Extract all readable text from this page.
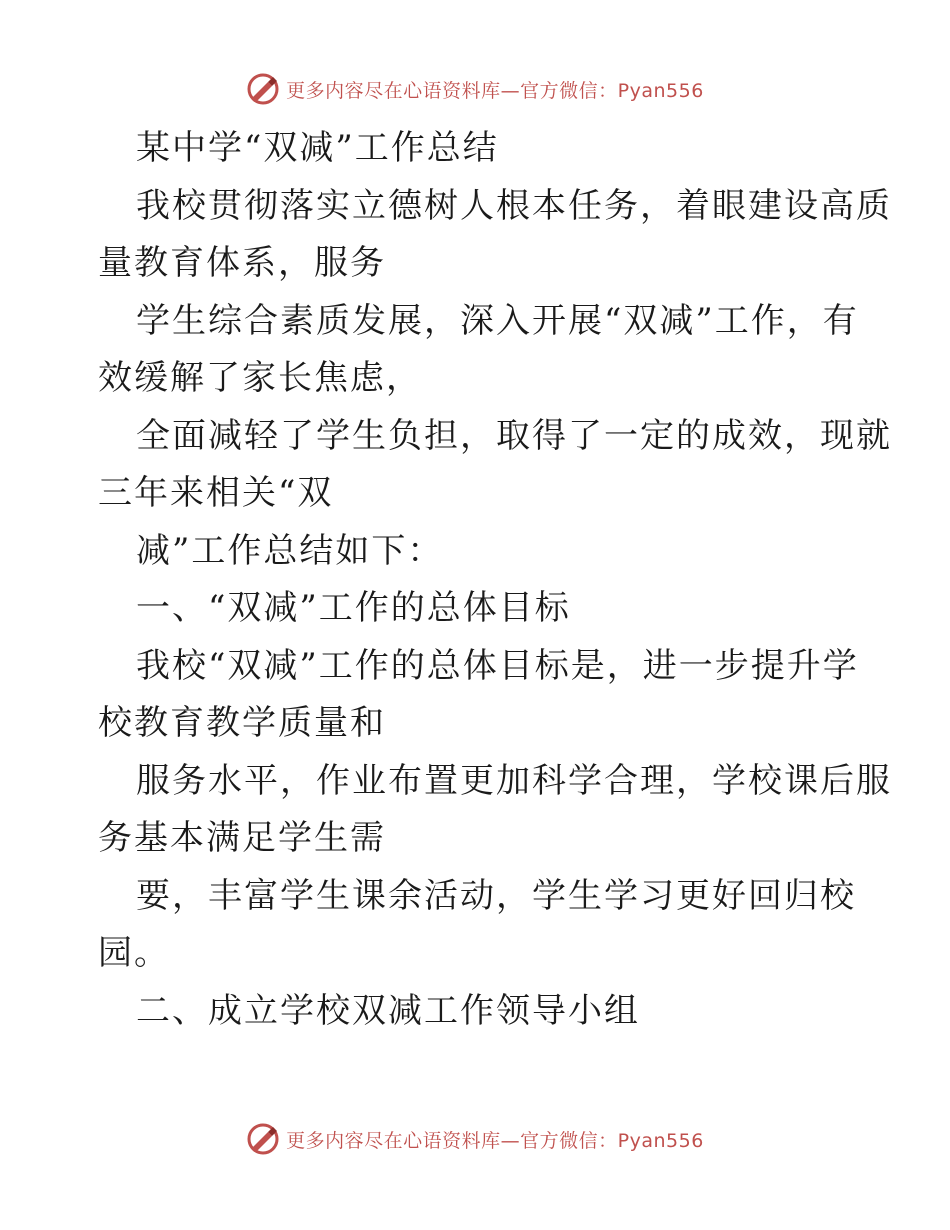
更多内容尽在心语资料库—官方微信：Pyan556
某中学“双减”工作总结
我校贯彻落实立德树人根本任务，着眼建设高质
量教育体系，服务
学生综合素质发展，深入开展“双减”工作，有
效缓解了家长焦虑，
全面减轻了学生负担，取得了一定的成效，现就
三年来相关“双
减”工作总结如下：
一、“双减”工作的总体目标
我校“双减”工作的总体目标是，进一步提升学
校教育教学质量和
服务水平，作业布置更加科学合理，学校课后服
务基本满足学生需
要，丰富学生课余活动，学生学习更好回归校
园。
二、成立学校双减工作领导小组
更多内容尽在心语资料库—官方微信：Pyan556
